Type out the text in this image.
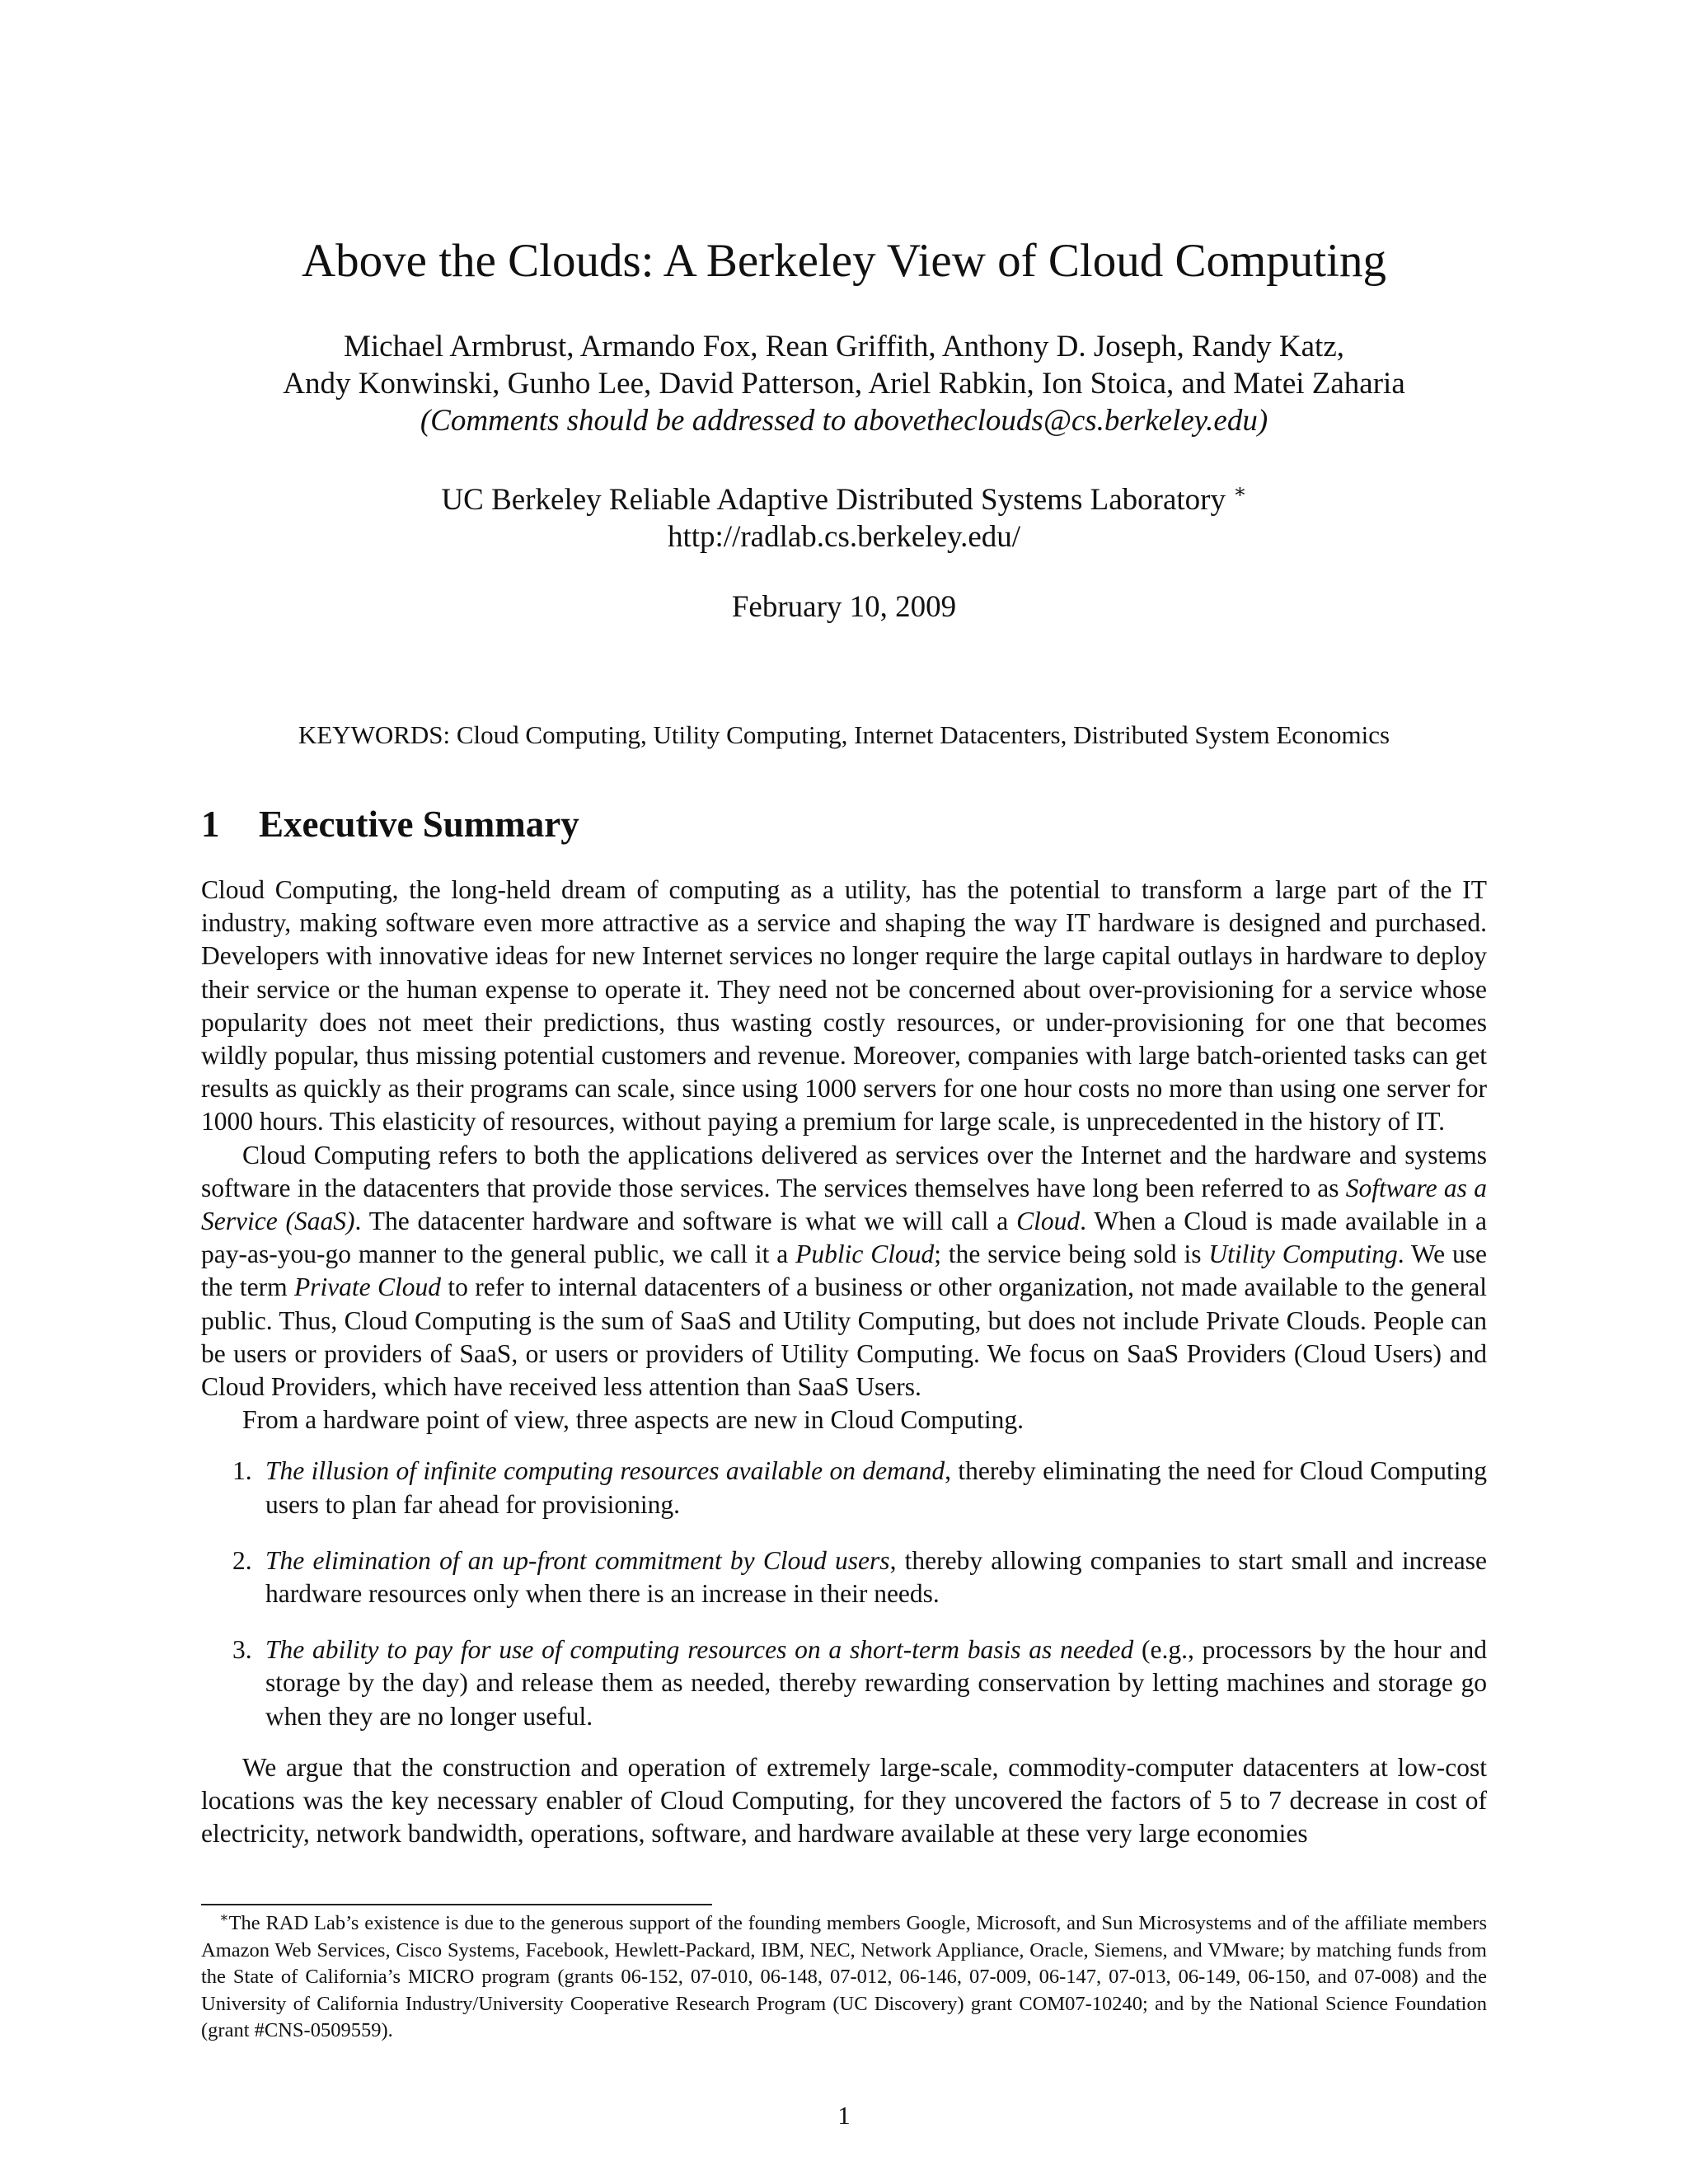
Above the Clouds: A Berkeley View of Cloud Computing
Michael Armbrust, Armando Fox, Rean Griffith, Anthony D. Joseph, Randy Katz,
Andy Konwinski, Gunho Lee, David Patterson, Ariel Rabkin, Ion Stoica, and Matei Zaharia
(Comments should be addressed to abovetheclouds@cs.berkeley.edu)
UC Berkeley Reliable Adaptive Distributed Systems Laboratory ∗
http://radlab.cs.berkeley.edu/
February 10, 2009
KEYWORDS: Cloud Computing, Utility Computing, Internet Datacenters, Distributed System Economics
1 Executive Summary

Cloud Computing, the long-held dream of computing as a utility, has the potential to transform a large part of the IT industry, making software even more attractive as a service and shaping the way IT hardware is designed and purchased. Developers with innovative ideas for new Internet services no longer require the large capital outlays in hardware to deploy their service or the human expense to operate it. They need not be concerned about over-provisioning for a service whose popularity does not meet their predictions, thus wasting costly resources, or under-provisioning for one that becomes wildly popular, thus missing potential customers and revenue. Moreover, companies with large batch-oriented tasks can get results as quickly as their programs can scale, since using 1000 servers for one hour costs no more than using one server for 1000 hours. This elasticity of resources, without paying a premium for large scale, is unprecedented in the history of IT.

Cloud Computing refers to both the applications delivered as services over the Internet and the hardware and systems software in the datacenters that provide those services. The services themselves have long been referred to as Software as a Service (SaaS). The datacenter hardware and software is what we will call a Cloud. When a Cloud is made available in a pay-as-you-go manner to the general public, we call it a Public Cloud; the service being sold is Utility Computing. We use the term Private Cloud to refer to internal datacenters of a business or other organization, not made available to the general public. Thus, Cloud Computing is the sum of SaaS and Utility Computing, but does not include Private Clouds. People can be users or providers of SaaS, or users or providers of Utility Computing. We focus on SaaS Providers (Cloud Users) and Cloud Providers, which have received less attention than SaaS Users.

From a hardware point of view, three aspects are new in Cloud Computing.

1. The illusion of infinite computing resources available on demand, thereby eliminating the need for Cloud Computing users to plan far ahead for provisioning.
2. The elimination of an up-front commitment by Cloud users, thereby allowing companies to start small and increase hardware resources only when there is an increase in their needs.
3. The ability to pay for use of computing resources on a short-term basis as needed (e.g., processors by the hour and storage by the day) and release them as needed, thereby rewarding conservation by letting machines and storage go when they are no longer useful.

We argue that the construction and operation of extremely large-scale, commodity-computer datacenters at low-cost locations was the key necessary enabler of Cloud Computing, for they uncovered the factors of 5 to 7 decrease in cost of electricity, network bandwidth, operations, software, and hardware available at these very large economies

∗The RAD Lab’s existence is due to the generous support of the founding members Google, Microsoft, and Sun Microsystems and of the affiliate members Amazon Web Services, Cisco Systems, Facebook, Hewlett-Packard, IBM, NEC, Network Appliance, Oracle, Siemens, and VMware; by matching funds from the State of California’s MICRO program (grants 06-152, 07-010, 06-148, 07-012, 06-146, 07-009, 06-147, 07-013, 06-149, 06-150, and 07-008) and the University of California Industry/University Cooperative Research Program (UC Discovery) grant COM07-10240; and by the National Science Foundation (grant #CNS-0509559).
1
